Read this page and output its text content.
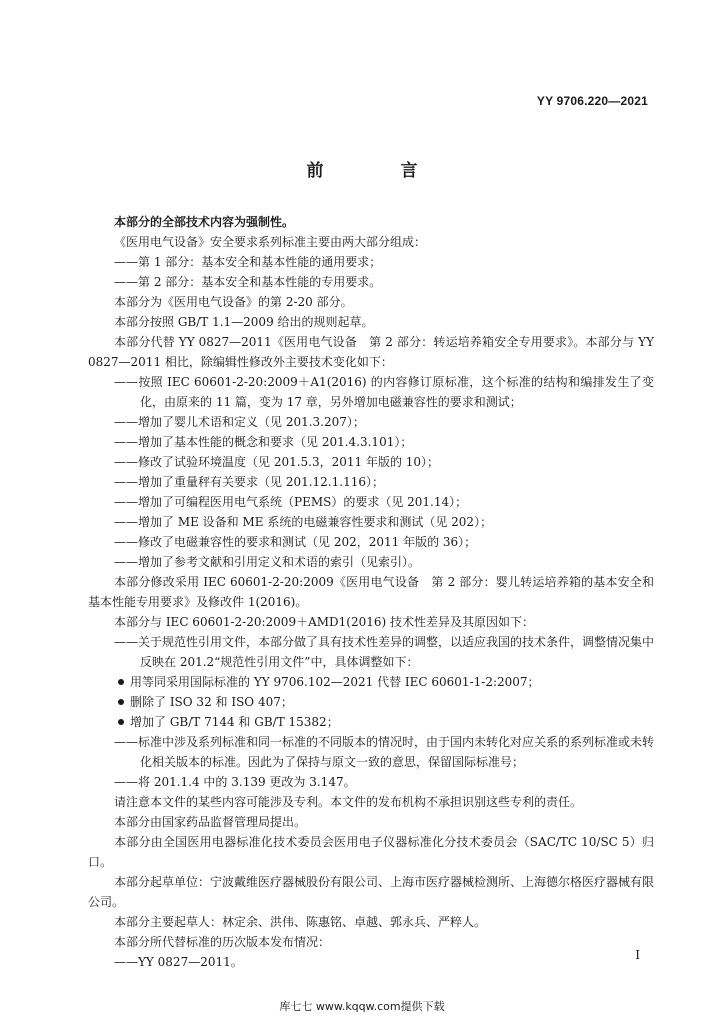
YY 9706.220—2021
前　言

本部分的全部技术内容为强制性。

《医用电气设备》安全要求系列标准主要由两大部分组成：

——第 1 部分：基本安全和基本性能的通用要求；

——第 2 部分：基本安全和基本性能的专用要求。

本部分为《医用电气设备》的第 2-20 部分。

本部分按照 GB/T 1.1—2009 给出的规则起草。

本部分代替 YY 0827—2011《医用电气设备　第 2 部分：转运培养箱安全专用要求》。本部分与 YY 0827—2011 相比，除编辑性修改外主要技术变化如下：

——按照 IEC 60601-2-20:2009＋A1(2016) 的内容修订原标准，这个标准的结构和编排发生了变化，由原来的 11 篇，变为 17 章，另外增加电磁兼容性的要求和测试；

——增加了婴儿术语和定义（见 201.3.207）；

——增加了基本性能的概念和要求（见 201.4.3.101）；

——修改了试验环境温度（见 201.5.3，2011 年版的 10）；

——增加了重量秤有关要求（见 201.12.1.116）；

——增加了可编程医用电气系统（PEMS）的要求（见 201.14）；

——增加了 ME 设备和 ME 系统的电磁兼容性要求和测试（见 202）；

——修改了电磁兼容性的要求和测试（见 202，2011 年版的 36）；

——增加了参考文献和引用定义和术语的索引（见索引）。

本部分修改采用 IEC 60601-2-20:2009《医用电气设备　第 2 部分：婴儿转运培养箱的基本安全和基本性能专用要求》及修改件 1(2016)。

本部分与 IEC 60601-2-20:2009＋AMD1(2016) 技术性差异及其原因如下：

——关于规范性引用文件，本部分做了具有技术性差异的调整，以适应我国的技术条件，调整情况集中反映在 201.2“规范性引用文件”中，具体调整如下：

用等同采用国际标准的 YY 9706.102—2021 代替 IEC 60601-1-2:2007；

删除了 ISO 32 和 ISO 407；

增加了 GB/T 7144 和 GB/T 15382；

——标准中涉及系列标准和同一标准的不同版本的情况时，由于国内未转化对应关系的系列标准或未转化相关版本的标准。因此为了保持与原文一致的意思，保留国际标准号；

——将 201.1.4 中的 3.139 更改为 3.147。

请注意本文件的某些内容可能涉及专利。本文件的发布机构不承担识别这些专利的责任。

本部分由国家药品监督管理局提出。

本部分由全国医用电器标准化技术委员会医用电子仪器标准化分技术委员会（SAC/TC 10/SC 5）归口。

本部分起草单位：宁波戴维医疗器械股份有限公司、上海市医疗器械检测所、上海德尔格医疗器械有限公司。

本部分主要起草人：林定余、洪伟、陈惠铭、卓越、郭永兵、严粹人。

本部分所代替标准的历次版本发布情况：

——YY 0827—2011。	I
库七七 www.kqqw.com提供下载
